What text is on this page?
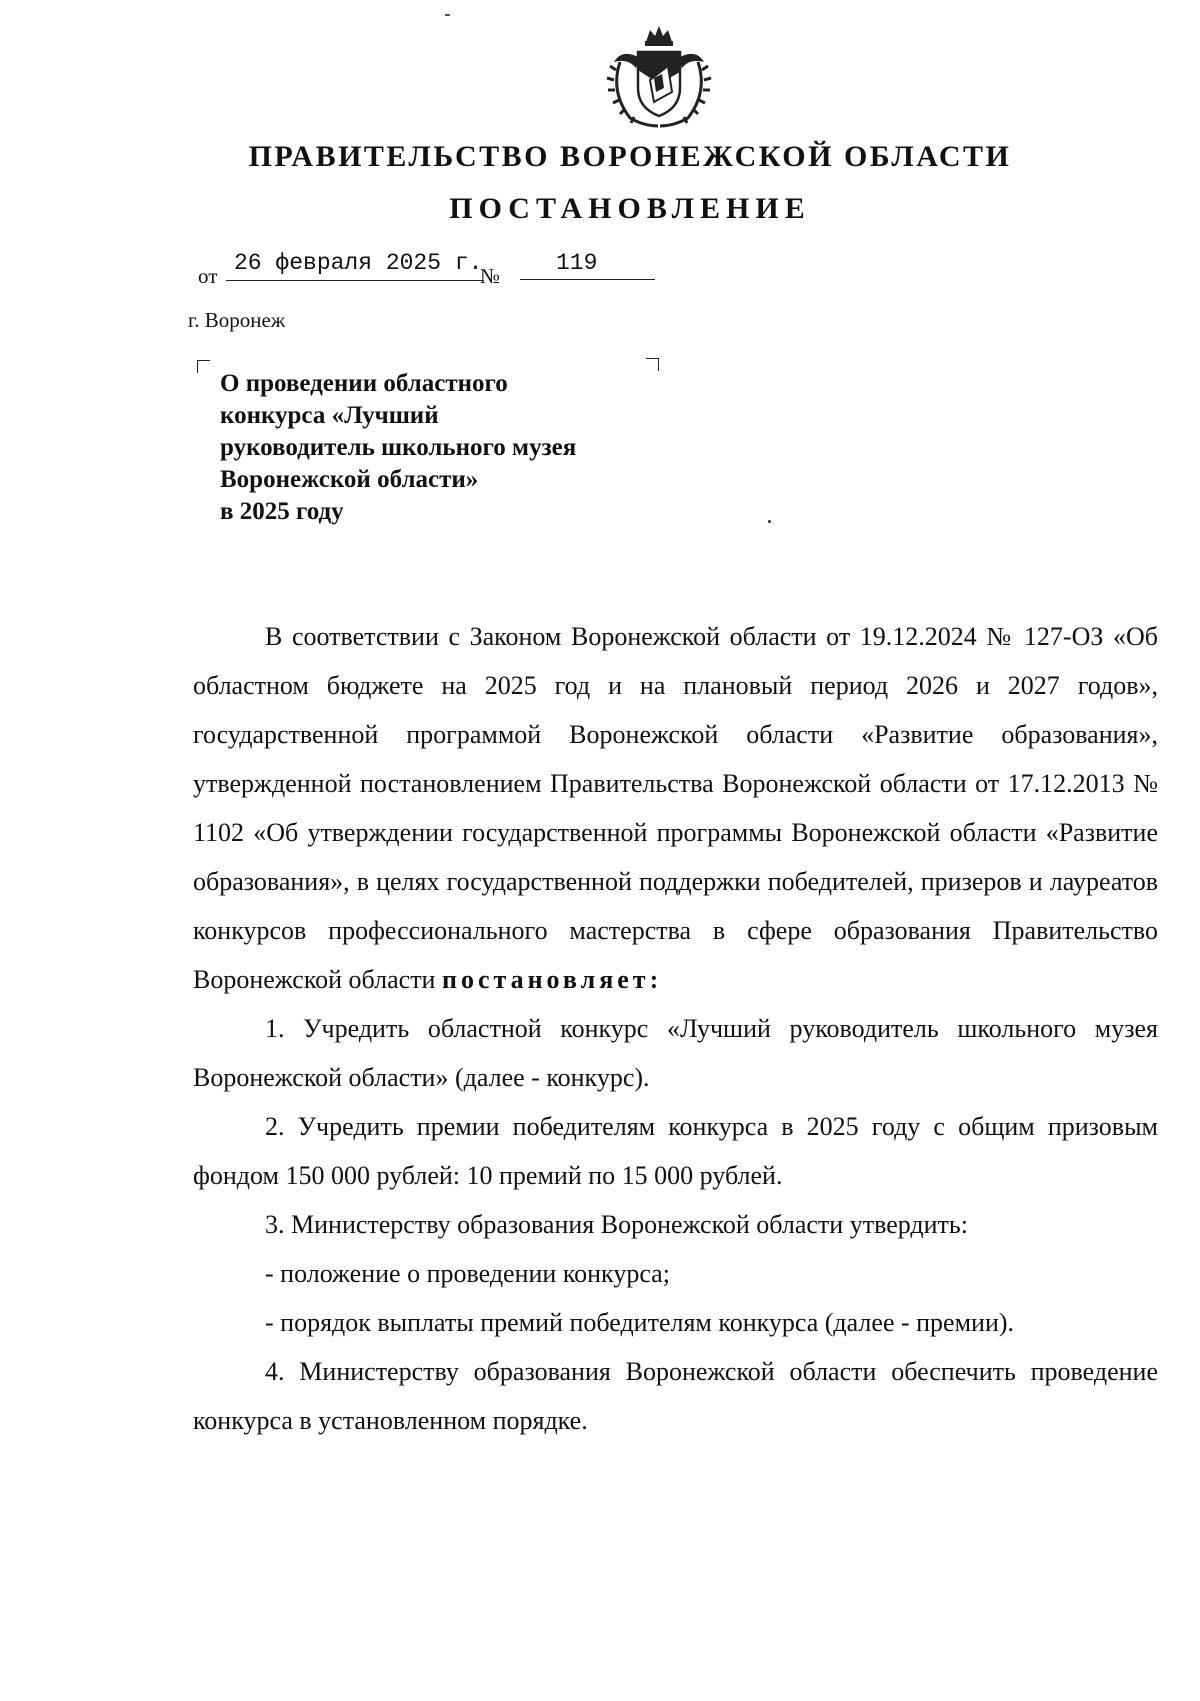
ПРАВИТЕЛЬСТВО ВОРОНЕЖСКОЙ ОБЛАСТИ
ПОСТАНОВЛЕНИЕ
от 26 февраля 2025 г.
№	119
г. Воронеж
О проведении областного
конкурса «Лучший
руководитель школьного музея
Воронежской области»
в 2025 году

В соответствии с Законом Воронежской области от 19.12.2024 № 127-ОЗ «Об областном бюджете на 2025 год и на плановый период 2026 и 2027 годов», государственной программой Воронежской области «Развитие образования», утвержденной постановлением Правительства Воронежской области от 17.12.2013 № 1102 «Об утверждении государственной программы Воронежской области «Развитие образования», в целях государственной поддержки победителей, призеров и лауреатов конкурсов профессионального мастерства в сфере образования Правительство Воронежской области постановляет:

1. Учредить областной конкурс «Лучший руководитель школьного музея Воронежской области» (далее - конкурс).

2. Учредить премии победителям конкурса в 2025 году с общим призовым фондом 150 000 рублей: 10 премий по 15 000 рублей.

3. Министерству образования Воронежской области утвердить:

- положение о проведении конкурса;

- порядок выплаты премий победителям конкурса (далее - премии).

4. Министерству образования Воронежской области обеспечить проведение конкурса в установленном порядке.
